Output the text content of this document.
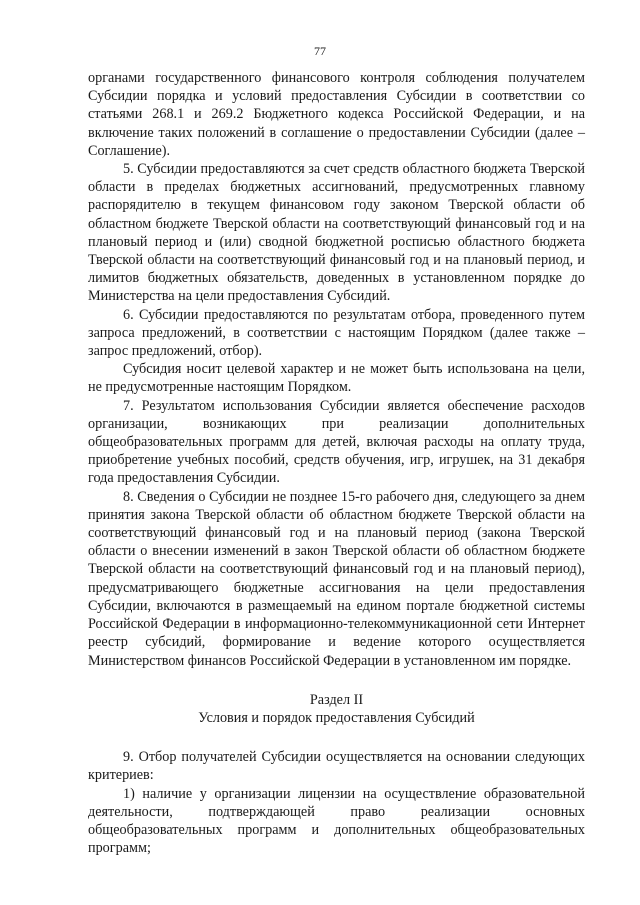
77

органами государственного финансового контроля соблюдения получателем Субсидии порядка и условий предоставления Субсидии в соответствии со статьями 268.1 и 269.2 Бюджетного кодекса Российской Федерации, и на включение таких положений в соглашение о предоставлении Субсидии (далее – Соглашение).

5. Субсидии предоставляются за счет средств областного бюджета Тверской области в пределах бюджетных ассигнований, предусмотренных главному распорядителю в текущем финансовом году законом Тверской области об областном бюджете Тверской области на соответствующий финансовый год и на плановый период и (или) сводной бюджетной росписью областного бюджета Тверской области на соответствующий финансовый год и на плановый период, и лимитов бюджетных обязательств, доведенных в установленном порядке до Министерства на цели предоставления Субсидий.

6. Субсидии предоставляются по результатам отбора, проведенного путем запроса предложений, в соответствии с настоящим Порядком (далее также – запрос предложений, отбор).

Субсидия носит целевой характер и не может быть использована на цели, не предусмотренные настоящим Порядком.

7. Результатом использования Субсидии является обеспечение расходов организации, возникающих при реализации дополнительных общеобразовательных программ для детей, включая расходы на оплату труда, приобретение учебных пособий, средств обучения, игр, игрушек, на 31 декабря года предоставления Субсидии.

8. Сведения о Субсидии не позднее 15-го рабочего дня, следующего за днем принятия закона Тверской области об областном бюджете Тверской области на соответствующий финансовый год и на плановый период (закона Тверской области о внесении изменений в закон Тверской области об областном бюджете Тверской области на соответствующий финансовый год и на плановый период), предусматривающего бюджетные ассигнования на цели предоставления Субсидии, включаются в размещаемый на едином портале бюджетной системы Российской Федерации в информационно-телекоммуникационной сети Интернет реестр субсидий, формирование и ведение которого осуществляется Министерством финансов Российской Федерации в установленном им порядке.

Раздел II

Условия и порядок предоставления Субсидий

9. Отбор получателей Субсидии осуществляется на основании следующих критериев:

1) наличие у организации лицензии на осуществление образовательной деятельности, подтверждающей право реализации основных общеобразовательных программ и дополнительных общеобразовательных программ;
